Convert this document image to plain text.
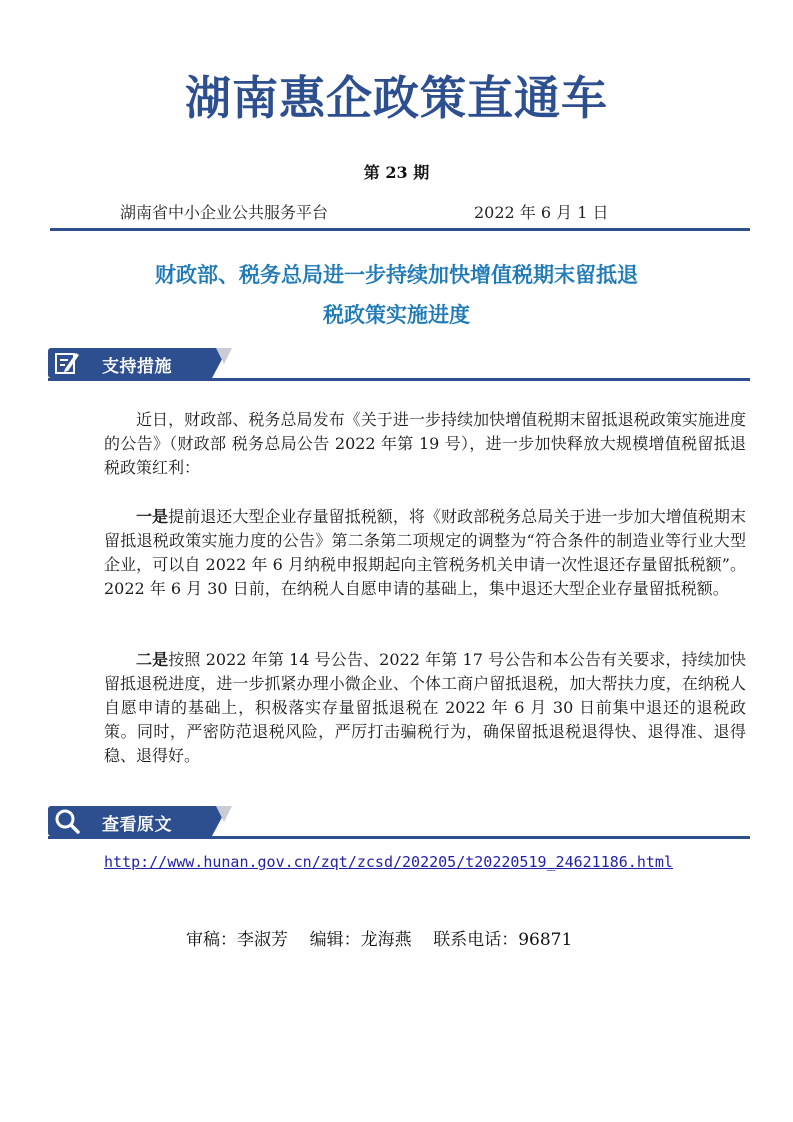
湖南惠企政策直通车
第 23 期
湖南省中小企业公共服务平台	2022 年 6 月 1 日
财政部、税务总局进一步持续加快增值税期末留抵退
税政策实施进度
支持措施

近日，财政部、税务总局发布《关于进一步持续加快增值税期末留抵退税政策实施进度的公告》（财政部 税务总局公告 2022 年第 19 号），进一步加快释放大规模增值税留抵退税政策红利：

一是提前退还大型企业存量留抵税额，将《财政部税务总局关于进一步加大增值税期末留抵退税政策实施力度的公告》第二条第二项规定的调整为“符合条件的制造业等行业大型企业，可以自 2022 年 6 月纳税申报期起向主管税务机关申请一次性退还存量留抵税额”。2022 年 6 月 30 日前，在纳税人自愿申请的基础上，集中退还大型企业存量留抵税额。

二是按照 2022 年第 14 号公告、2022 年第 17 号公告和本公告有关要求，持续加快留抵退税进度，进一步抓紧办理小微企业、个体工商户留抵退税，加大帮扶力度，在纳税人自愿申请的基础上，积极落实存量留抵退税在 2022 年 6 月 30 日前集中退还的退税政策。同时，严密防范退税风险，严厉打击骗税行为，确保留抵退税退得快、退得准、退得稳、退得好。

查看原文
http://www.hunan.gov.cn/zqt/zcsd/202205/t20220519_24621186.html
审稿：李淑芳    编辑：龙海燕    联系电话：96871
